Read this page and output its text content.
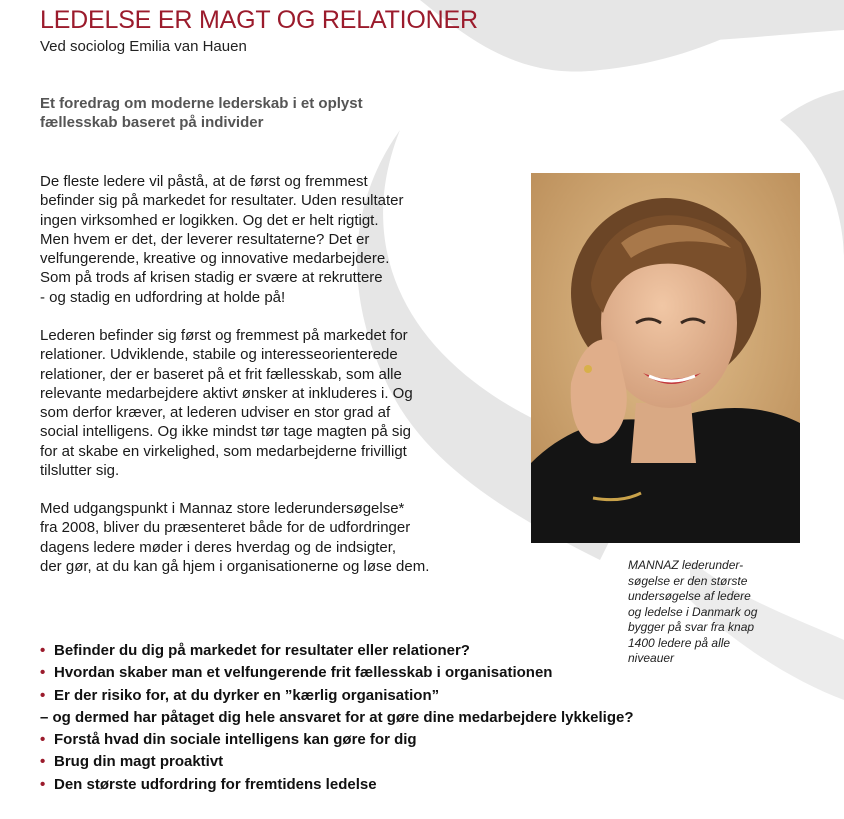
LEDELSE ER MAGT OG RELATIONER
Ved sociolog Emilia van Hauen
Et foredrag om moderne lederskab i et oplyst
fællesskab baseret på individer
De fleste ledere vil påstå, at de først og fremmest
befinder sig på markedet for resultater. Uden resultater
ingen virksomhed er logikken. Og det er helt rigtigt.
Men hvem er det, der leverer resultaterne? Det er
velfungerende, kreative og innovative medarbejdere.
Som på trods af krisen stadig er svære at rekruttere
- og stadig en udfordring at holde på!
Lederen befinder sig først og fremmest på markedet for
relationer. Udviklende, stabile og interesseorienterede
relationer, der er baseret på et frit fællesskab, som alle
relevante medarbejdere aktivt ønsker at inkluderes i. Og
som derfor kræver, at lederen udviser en stor grad af
social intelligens. Og ikke mindst tør tage magten på sig
for at skabe en virkelighed, som medarbejderne frivilligt
tilslutter sig.
Med udgangspunkt i Mannaz store lederundersøgelse*
fra 2008, bliver du præsenteret både for de udfordringer
dagens ledere møder i deres hverdag og de indsigter,
der gør, at du kan gå hjem i organisationerne og løse dem.	MANNAZ lederunder-
søgelse er den største
undersøgelse af ledere
og ledelse i Danmark og
bygger på svar fra knap
1400 ledere på alle
niveauer
• Befinder du dig på markedet for resultater eller relationer?
• Hvordan skaber man et velfungerende frit fællesskab i organisationen
• Er der risiko for, at du dyrker en ”kærlig organisation”
– og dermed har påtaget dig hele ansvaret for at gøre dine medarbejdere lykkelige?
• Forstå hvad din sociale intelligens kan gøre for dig
• Brug din magt proaktivt
• Den største udfordring for fremtidens ledelse
